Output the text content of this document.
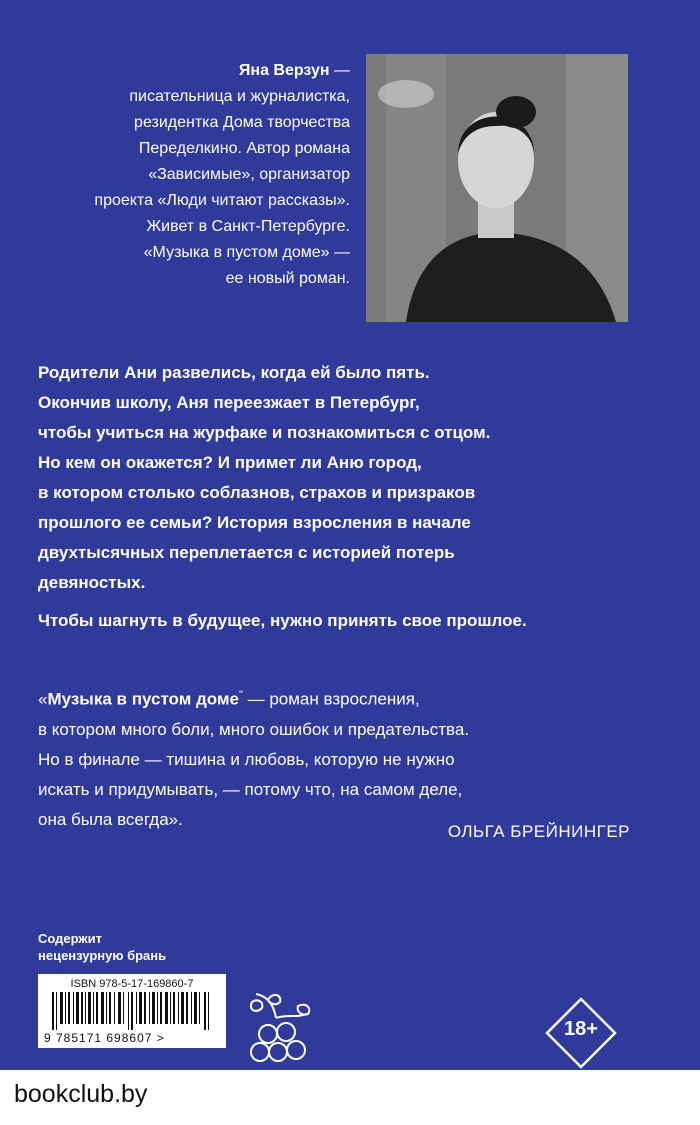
Яна Верзун —
писательница и журналистка,
резидентка Дома творчества
Переделкино. Автор романа
«Зависимые», организатор
проекта «Люди читают рассказы».
Живет в Санкт-Петербурге.
«Музыка в пустом доме» —
ее новый роман.

Родители Ани развелись, когда ей было пять.

Окончив школу, Аня переезжает в Петербург,

чтобы учиться на журфаке и познакомиться с отцом.

Но кем он окажется? И примет ли Аню город,

в котором столько соблазнов, страхов и призраков

прошлого ее семьи? История взросления в начале

двухтысячных переплетается с историей потерь

девяностых.

Чтобы шагнуть в будущее, нужно принять свое прошлое.
«Музыка в пустом доме" — роман взросления,
в котором много боли, много ошибок и предательства.
Но в финале — тишина и любовь, которую не нужно
искать и придумывать, — потому что, на самом деле,
она была всегда».
ОЛЬГА БРЕЙНИНГЕР
Содержит
нецензурную брань
ISBN 978-5-17-169860-7
9 785171 698607 >	18+
bookclub.by
